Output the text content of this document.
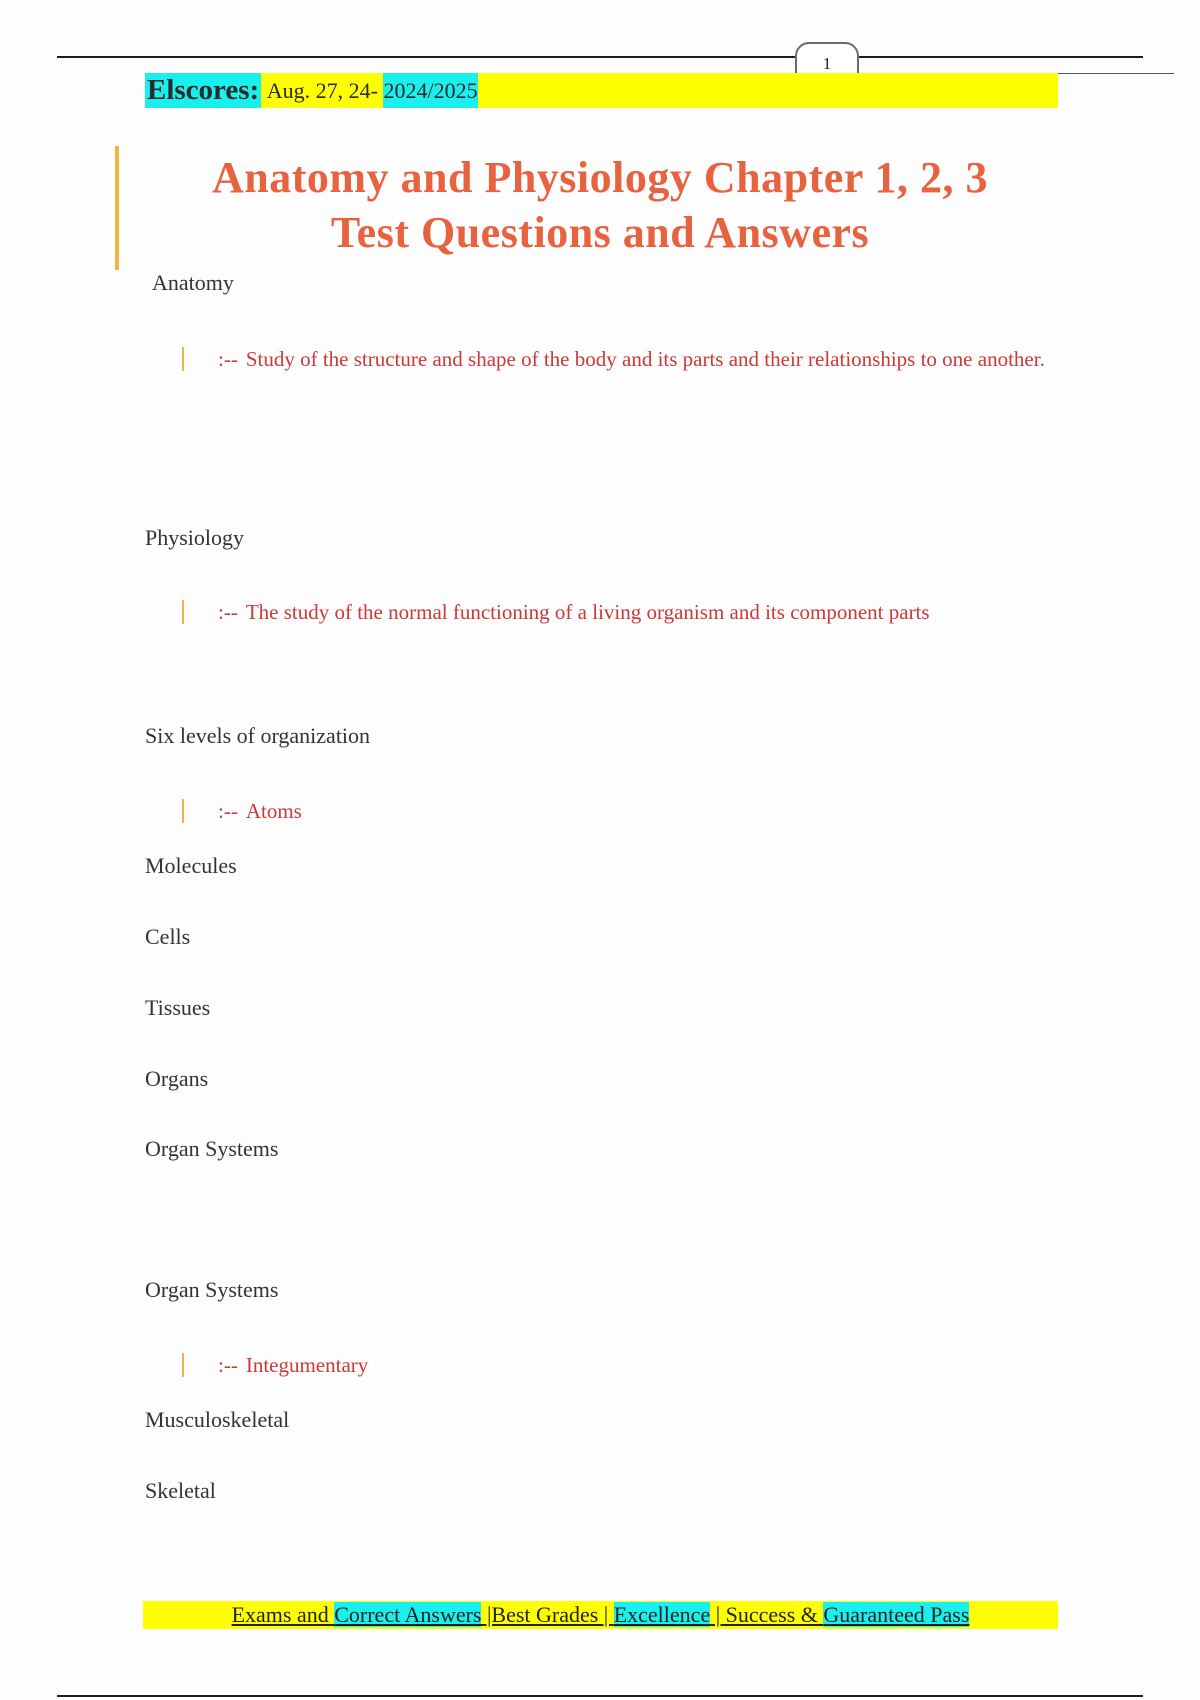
1
Elscores: Aug. 27, 24- 2024/2025
Anatomy and Physiology Chapter 1, 2, 3
Test Questions and Answers
Anatomy
:-- Study of the structure and shape of the body and its parts and their relationships to one another.
Physiology
:-- The study of the normal functioning of a living organism and its component parts
Six levels of organization
:-- Atoms
Molecules
Cells
Tissues
Organs
Organ Systems
Organ Systems
:-- Integumentary
Musculoskeletal
Skeletal
Exams and Correct Answers |Best Grades | Excellence | Success & Guaranteed Pass
